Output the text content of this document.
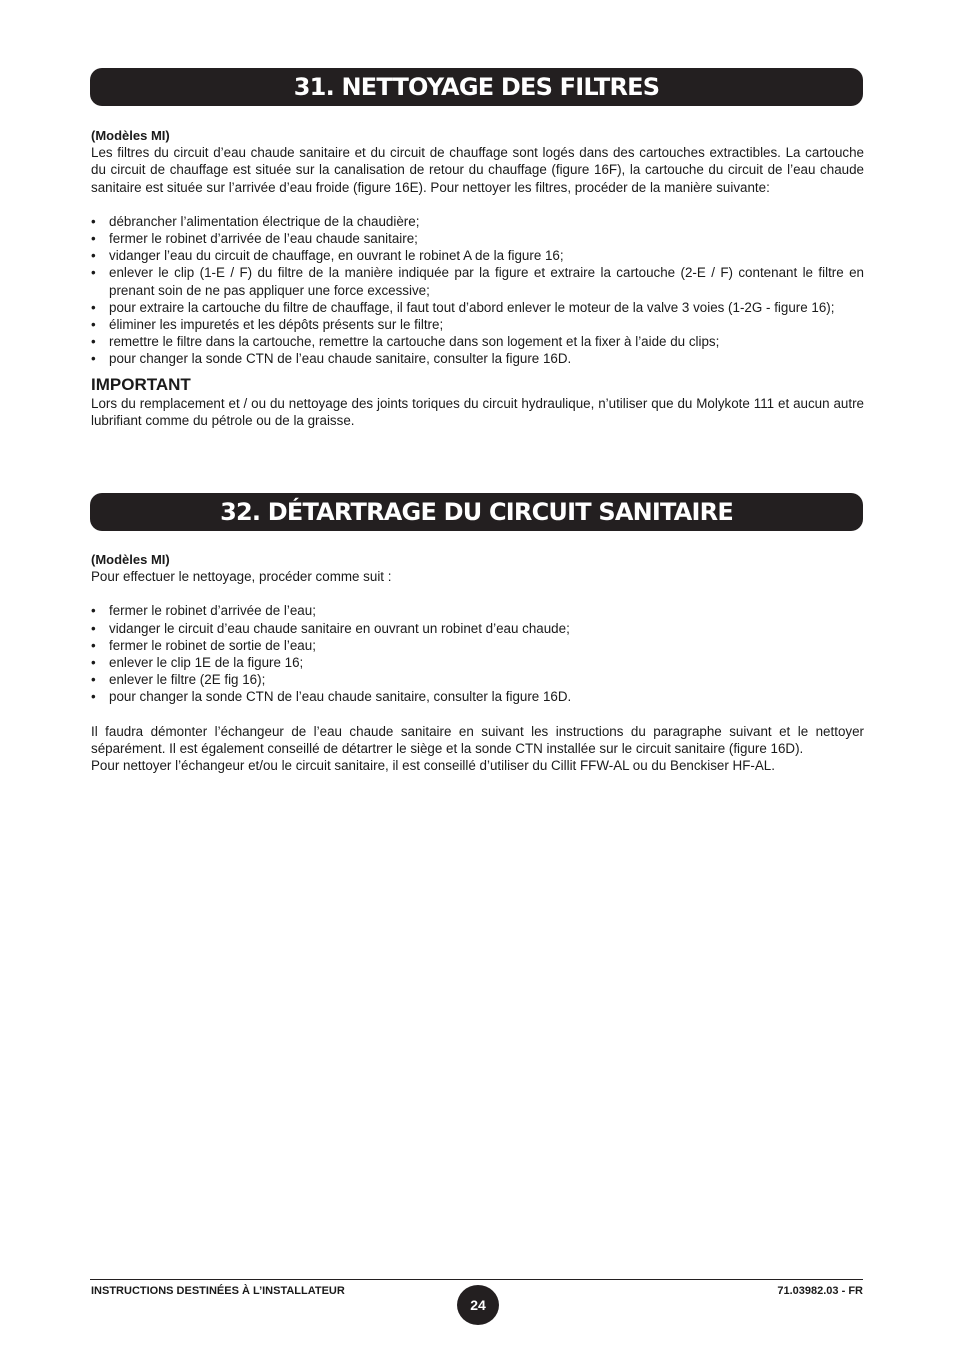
31. NETTOYAGE DES FILTRES
(Modèles MI)

Les filtres du circuit d’eau chaude sanitaire et du circuit de chauffage sont logés dans des cartouches extractibles. La cartouche du circuit de chauffage est située sur la canalisation de retour du chauffage (figure 16F), la cartouche du circuit de l’eau chaude sanitaire est située sur l’arrivée d’eau froide (figure 16E). Pour nettoyer les filtres, procéder de la manière suivante:

• débrancher l’alimentation électrique de la chaudière;
• fermer le robinet d’arrivée de l’eau chaude sanitaire;
• vidanger l’eau du circuit de chauffage, en ouvrant le robinet A de la figure 16;
• enlever le clip (1-E / F) du filtre de la manière indiquée par la figure et extraire la cartouche (2-E / F) contenant le filtre en prenant soin de ne pas appliquer une force excessive;
• pour extraire la cartouche du filtre de chauffage, il faut tout d’abord enlever le moteur de la valve 3 voies (1-2G - figure 16);
• éliminer les impuretés et les dépôts présents sur le filtre;
• remettre le filtre dans la cartouche, remettre la cartouche dans son logement et la fixer à l’aide du clips;
• pour changer la sonde CTN de l’eau chaude sanitaire, consulter la figure 16D.
IMPORTANT

Lors du remplacement et / ou du nettoyage des joints toriques du circuit hydraulique, n’utiliser que du Molykote 111 et aucun autre lubrifiant comme du pétrole ou de la graisse.

32. DÉTARTRAGE DU CIRCUIT SANITAIRE
(Modèles MI)

Pour effectuer le nettoyage, procéder comme suit :

• fermer le robinet d’arrivée de l’eau;
• vidanger le circuit d’eau chaude sanitaire en ouvrant un robinet d’eau chaude;
• fermer le robinet de sortie de l’eau;
• enlever le clip 1E de la figure 16;
• enlever le filtre (2E fig 16);
• pour changer la sonde CTN de l’eau chaude sanitaire, consulter la figure 16D.

Il faudra démonter l’échangeur de l’eau chaude sanitaire en suivant les instructions du paragraphe suivant et le nettoyer séparément. Il est également conseillé de détartrer le siège et la sonde CTN installée sur le circuit sanitaire (figure 16D).

Pour nettoyer l’échangeur et/ou le circuit sanitaire, il est conseillé d’utiliser du Cillit FFW-AL ou du Benckiser HF-AL.

INSTRUCTIONS DESTINÉES À L’INSTALLATEUR
24
71.03982.03 - FR
